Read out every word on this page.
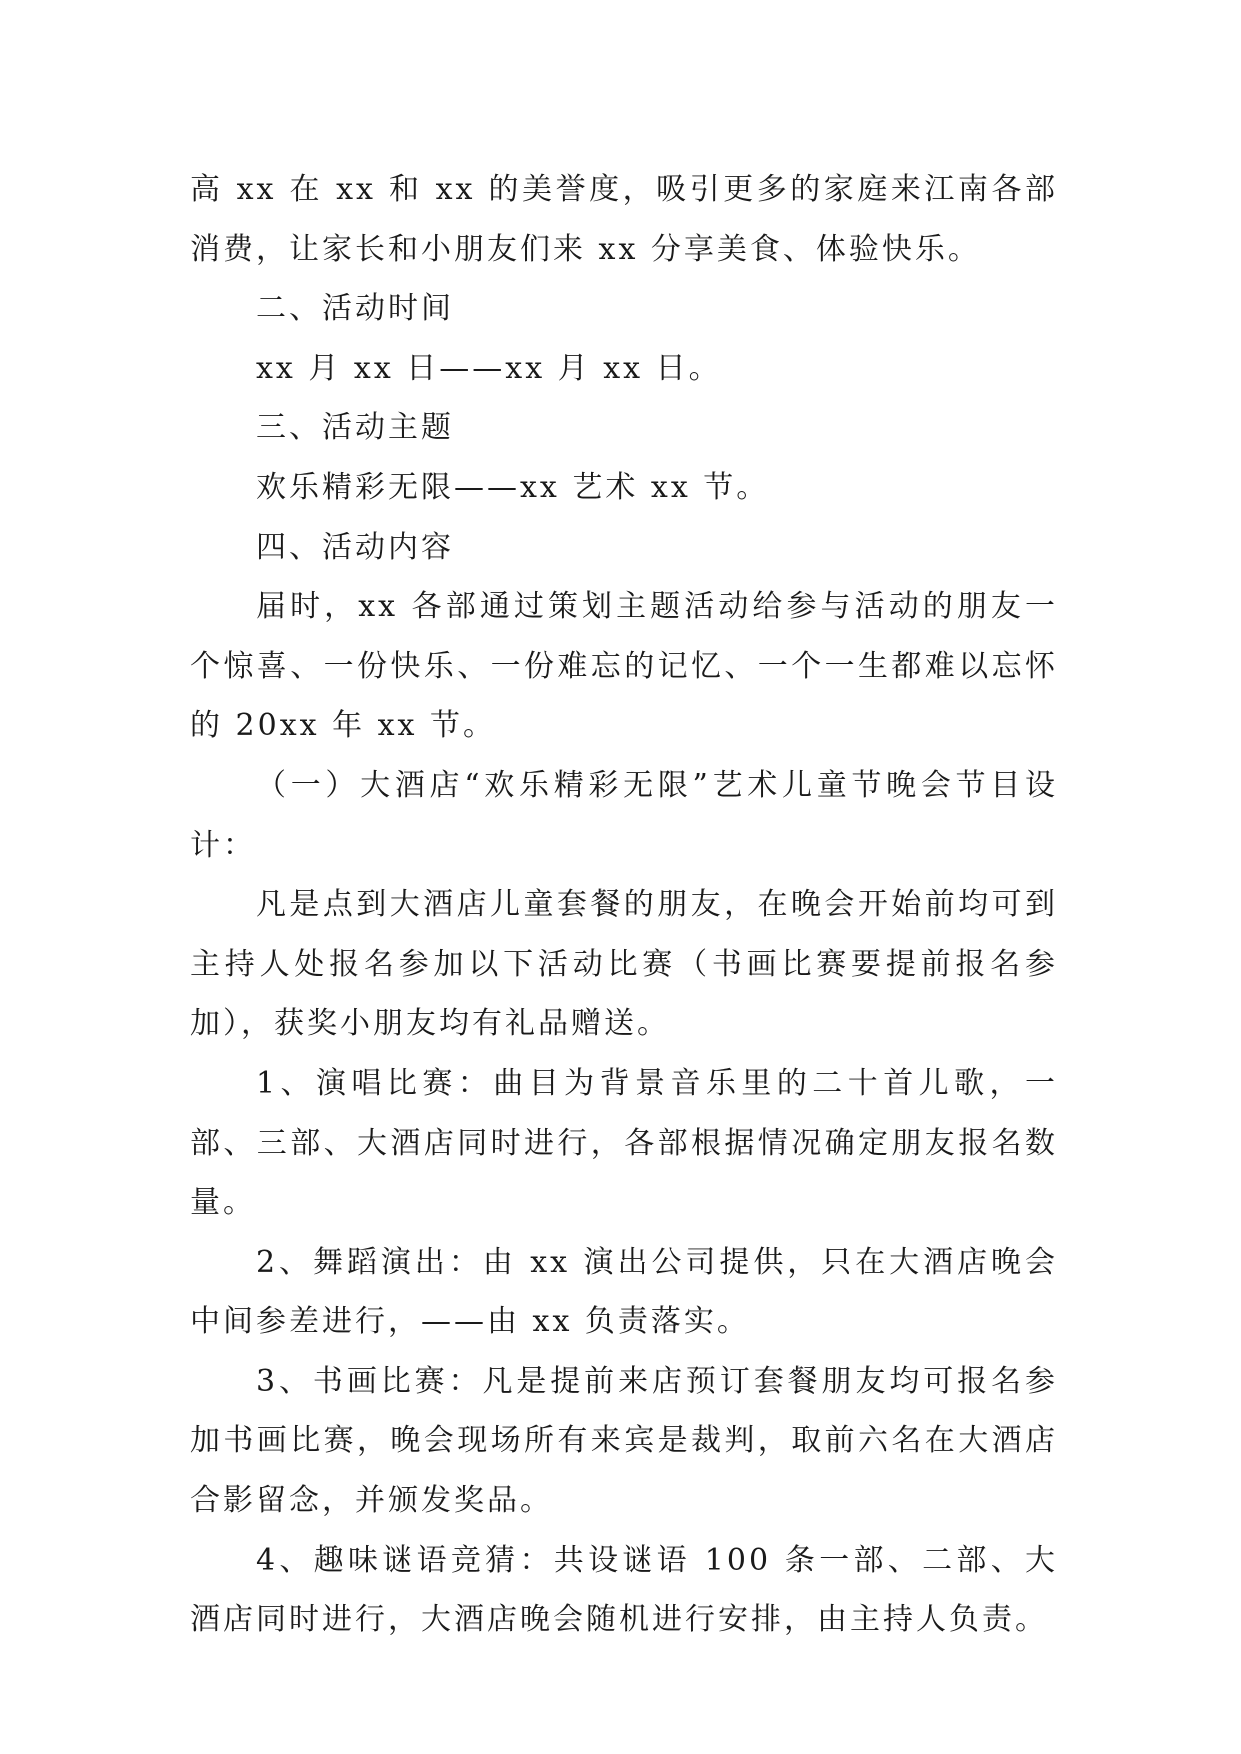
高 xx 在 xx 和 xx 的美誉度，吸引更多的家庭来江南各部消费，让家长和小朋友们来 xx 分享美食、体验快乐。

二、活动时间

xx 月 xx 日——xx 月 xx 日。

三、活动主题

欢乐精彩无限——xx 艺术 xx 节。

四、活动内容

届时，xx 各部通过策划主题活动给参与活动的朋友一个惊喜、一份快乐、一份难忘的记忆、一个一生都难以忘怀的 20xx 年 xx 节。

（一）大酒店“欢乐精彩无限”艺术儿童节晚会节目设计：

凡是点到大酒店儿童套餐的朋友，在晚会开始前均可到主持人处报名参加以下活动比赛（书画比赛要提前报名参加），获奖小朋友均有礼品赠送。

1、演唱比赛：曲目为背景音乐里的二十首儿歌，一部、三部、大酒店同时进行，各部根据情况确定朋友报名数量。

2、舞蹈演出：由 xx 演出公司提供，只在大酒店晚会中间参差进行，——由 xx 负责落实。

3、书画比赛：凡是提前来店预订套餐朋友均可报名参加书画比赛，晚会现场所有来宾是裁判，取前六名在大酒店合影留念，并颁发奖品。

4、趣味谜语竞猜：共设谜语 100 条一部、二部、大酒店同时进行，大酒店晚会随机进行安排，由主持人负责。
